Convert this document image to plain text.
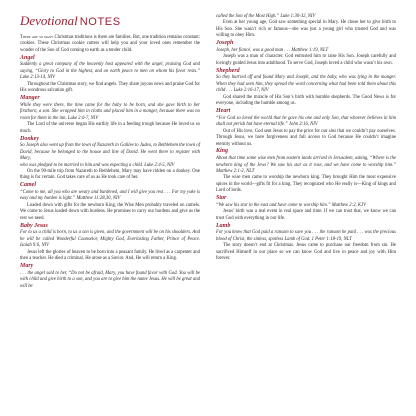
Devotional NOTES

There are so many Christmas traditions is there are families. But, one tradition remains constant: cookies. These Christmas cookie cutters will help you and your loved ones remember the wonder of the Son of God coming to earth as a tender child.

Angel

Suddenly a great company of the heavenly host appeared with the angel, praising God and saying, “Glory to God in the highest, and on earth peace to men on whom his favor rests.” Luke 2:13-14, NIV

Throughout the Christmas story, we find angels. They share joyous news and praise God for His wondrous salvation gift.

Manger

While they were there, the time came for the baby to be born, and she gave birth to her firstborn, a son. She wrapped him in cloths and placed him in a manger, because there was no room for them in the inn. Luke 2:6-7, NIV

The Lord of the universe began His earthly life in a feeding trough because He loved us so much.

Donkey

So Joseph also went up from the town of Nazareth in Galilee to Judea, to Bethlehem the town of David, because he belonged to the house and line of David. He went there to register with Mary,

who was pledged to be married to him and was expecting a child. Luke 2:4-5, NIV

On the 90-mile trip from Nazareth to Bethlehem, Mary may have ridden on a donkey. One thing is for certain. God takes care of us as He took care of her.

Camel

“Come to me, all you who are weary and burdened, and I will give you rest . . . For my yoke is easy and my burden is light.” Matthew 11:28,30, NIV

Loaded down with gifts for the newborn King, the Wise Men probably traveled on camels. We come to Jesus loaded down with burdens. He promises to carry our burdens and give us the rest we need.

Baby Jesus

For to us a child is born, to us a son is given, and the government will be on his shoulders. And he will be called Wonderful Counselor, Mighty God, Everlasting Father, Prince of Peace. Isaiah 9:6, NIV

Jesus left the glories of heaven to be born into a peasant family. He lived as a carpenter and then a teacher. He died a criminal. He arose as a Savior. And, He will return a King.

Mary

. . . the angel said to her, “Do not be afraid, Mary, you have found favor with God. You will be with child and give birth to a son, and you are to give him the name Jesus. He will be great and will be

called the Son of the Most High.” Luke 1:30-32, NIV

Even at her young age, God saw something special in Mary. He chose her to give birth to His Son. She wasn’t rich or famous—she was just a young girl who trusted God and was willing to obey Him.

Joseph

Joseph, her fiancé, was a good man . . . Matthew 1:19, NLT

Joseph was a man of character. God entrusted him to raise His Son. Joseph carefully and lovingly guided Jesus into adulthood. To serve God, Joseph loved a child who wasn’t his own.

Shepherd

So they hurried off and found Mary and Joseph, and the baby, who was lying in the manger. When they had seen him, they spread the word concerning what had been told them about this child . . . Luke 2:16-17, NIV

God shared the miracle of His Son’s birth with humble shepherds. The Good News is for everyone, including the humble among us.

Heart

“For God so loved the world that he gave his one and only Son, that whoever believes in him shall not perish but have eternal life.” John 3:16, NIV

Out of His love, God sent Jesus to pay the price for our sins that we couldn’t pay ourselves. Through Jesus, we have forgiveness and full access to God because He couldn’t imagine eternity without us.

King

About that time some wise men from eastern lands arrived in Jerusalem, asking, “Where is the newborn king of the Jews? We saw his star as it rose, and we have come to worship him.” Matthew 2:1-2, NLT

The wise men came to worship the newborn king. They brought Him the most expensive spices in the world—gifts fit for a king. They recognized who He really is—King of kings and Lord of lords.

Star

“We saw his star in the east and have come to worship him.” Matthew 2:2, KJV

Jesus’ birth was a real event in real space and time. If we can trust that, we know we can trust God with everything in our life.

Lamb

For you know that God paid a ransom to save you . . . the ransom he paid . . . was the precious blood of Christ, the sinless, spotless Lamb of God. 1 Peter 1:18-19, NLT

The story doesn’t end at Christmas. Jesus came to purchase our freedom from sin. He sacrificed Himself in our place so we can know God and live in peace and joy with Him forever.
